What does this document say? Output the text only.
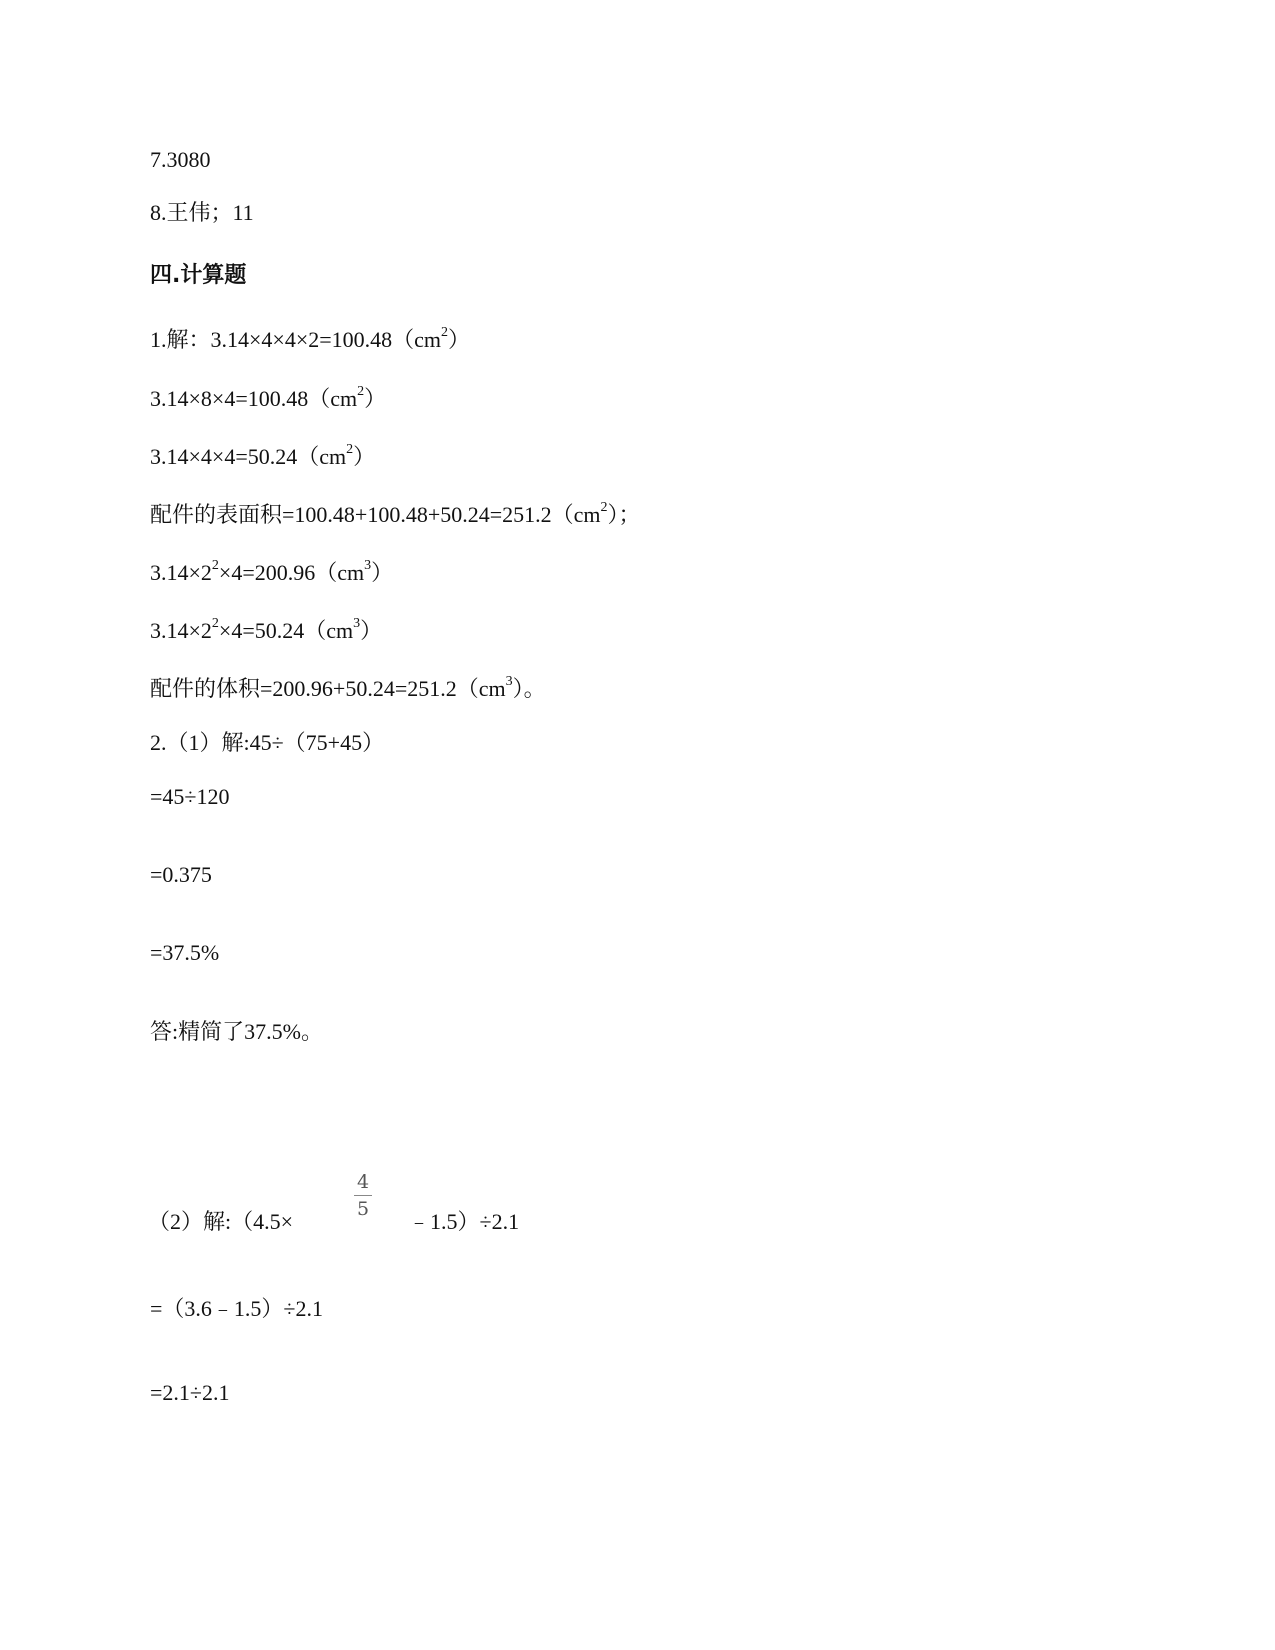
7.3080
8.王伟；11
四.计算题
1.解：$3.14\times 4\times 4\times 2=100.48(cm^2)$
$3.14\times 8\times 4=100.48(cm^2)$
$3.14\times 4\times 4=50.24(cm^2)$
配件的表面积$=100.48+100.48+50.24=251.2(cm^2)$；
$3.14\times 2^2\times 4=200.96(cm^3)$
$3.14\times 2^2\times 4=50.24(cm^3)$
配件的体积$=200.96+50.24=251.2(cm^3)$。
2.（1）解:45÷（75+45）
=45÷120
=0.375
=37.5%
答:精简了37.5%。
（2）解:（4.5×
4
5 ﹣1.5）÷2.1
=（3.6﹣1.5）÷2.1
=2.1÷2.1
